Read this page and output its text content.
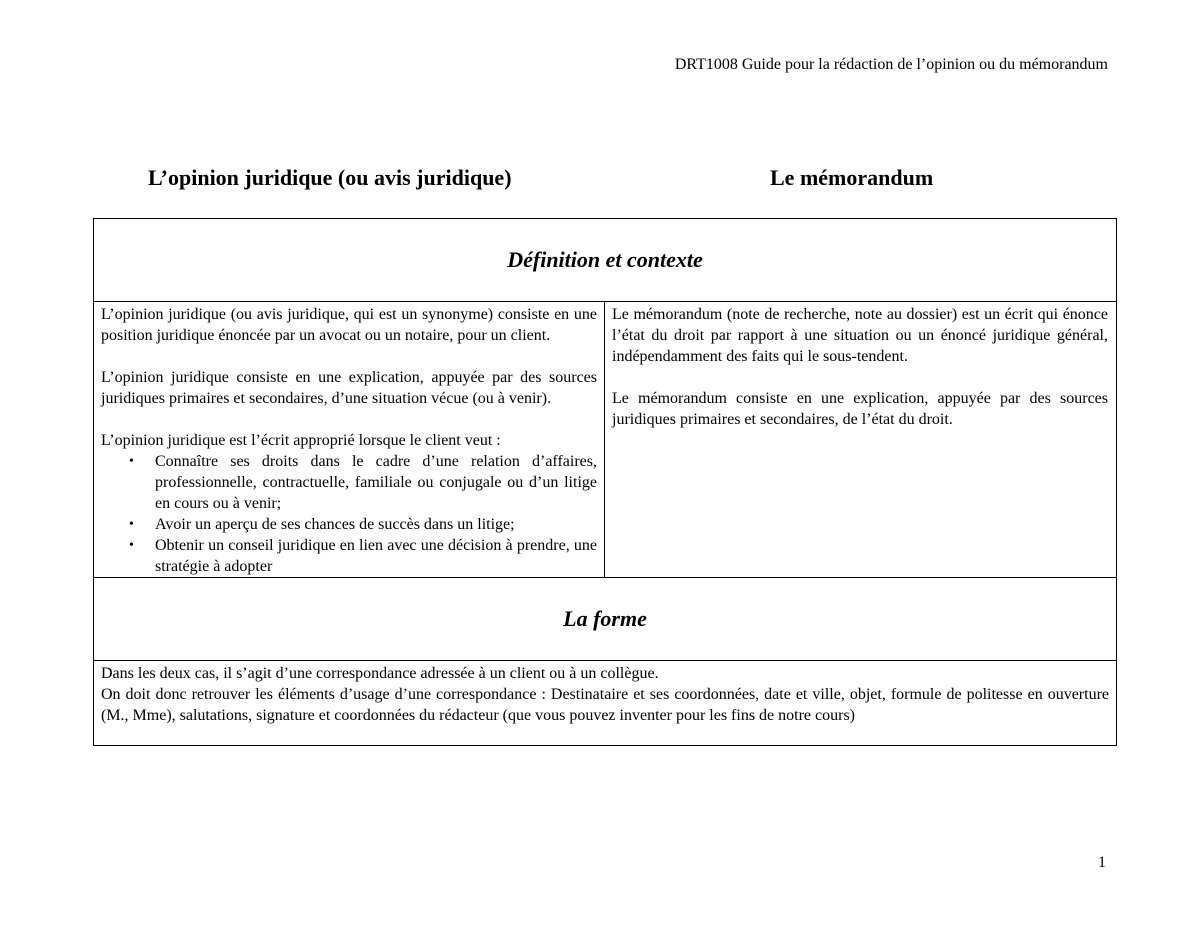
DRT1008 Guide pour la rédaction de l’opinion ou du mémorandum
L’opinion juridique (ou avis juridique)	Le mémorandum
Définition et contexte

L’opinion juridique (ou avis juridique, qui est un synonyme) consiste en une position juridique énoncée par un avocat ou un notaire, pour un client.

L’opinion juridique consiste en une explication, appuyée par des sources juridiques primaires et secondaires, d’une situation vécue (ou à venir).

L’opinion juridique est l’écrit approprié lorsque le client veut :

• Connaître ses droits dans le cadre d’une relation d’affaires, professionnelle, contractuelle, familiale ou conjugale ou d’un litige en cours ou à venir;
• Avoir un aperçu de ses chances de succès dans un litige;
• Obtenir un conseil juridique en lien avec une décision à prendre, une stratégie à adopter

Le mémorandum (note de recherche, note au dossier) est un écrit qui énonce l’état du droit par rapport à une situation ou un énoncé juridique général, indépendamment des faits qui le sous-tendent.

Le mémorandum consiste en une explication, appuyée par des sources juridiques primaires et secondaires, de l’état du droit.

La forme

Dans les deux cas, il s’agit d’une correspondance adressée à un client ou à un collègue.

On doit donc retrouver les éléments d’usage d’une correspondance : Destinataire et ses coordonnées, date et ville, objet, formule de politesse en ouverture (M., Mme), salutations, signature et coordonnées du rédacteur (que vous pouvez inventer pour les fins de notre cours)

1
